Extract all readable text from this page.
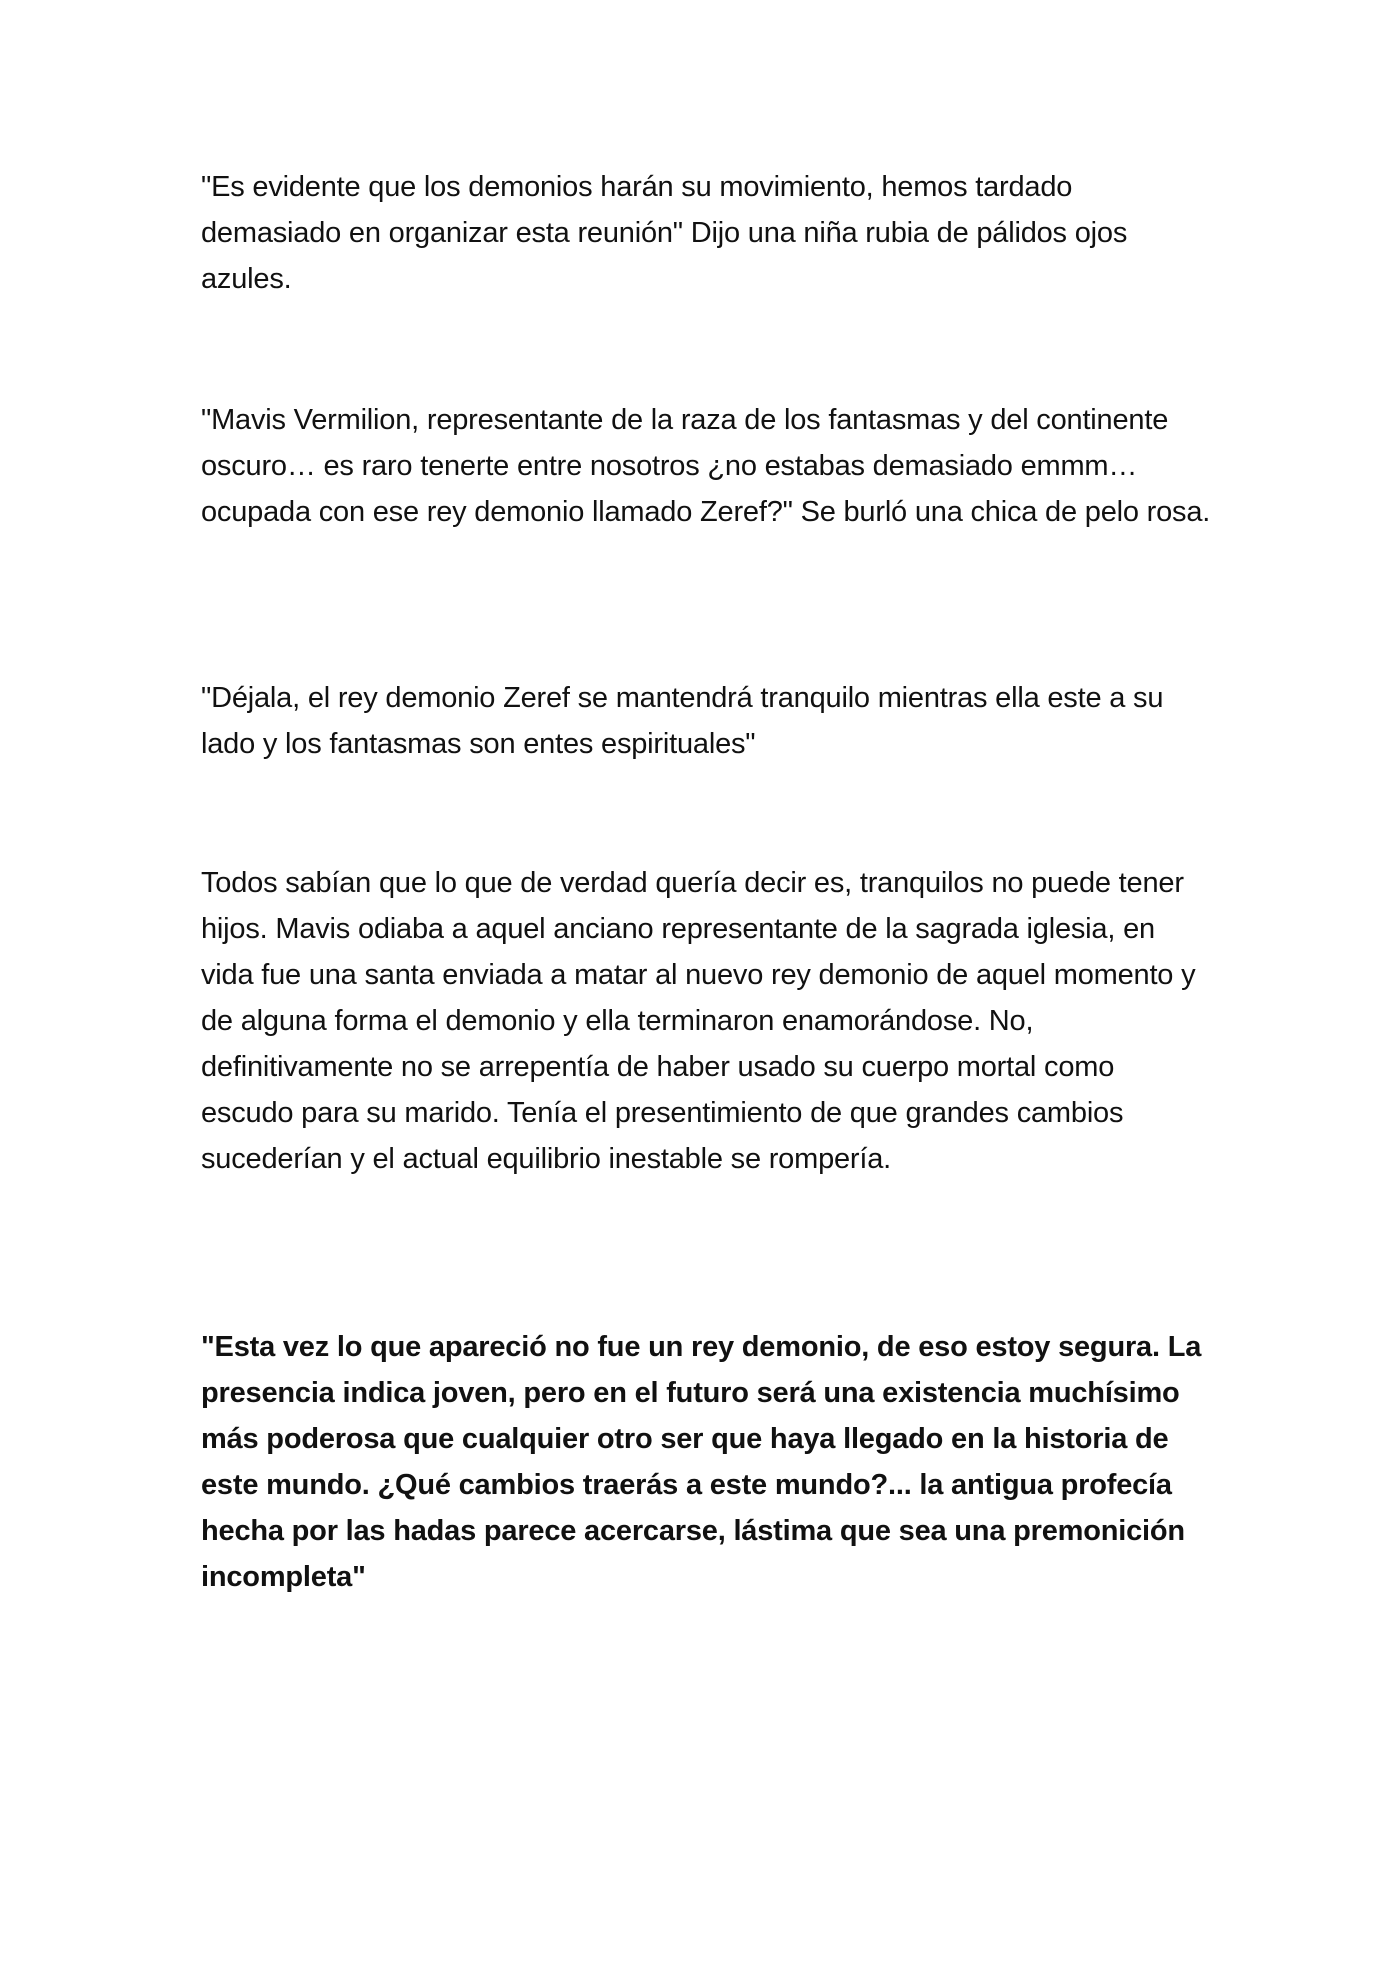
"Es evidente que los demonios harán su movimiento, hemos tardado demasiado en organizar esta reunión" Dijo una niña rubia de pálidos ojos azules.

"Mavis Vermilion, representante de la raza de los fantasmas y del continente oscuro… es raro tenerte entre nosotros ¿no estabas demasiado emmm… ocupada con ese rey demonio llamado Zeref?" Se burló una chica de pelo rosa.

"Déjala, el rey demonio Zeref se mantendrá tranquilo mientras ella este a su lado y los fantasmas son entes espirituales"

Todos sabían que lo que de verdad quería decir es, tranquilos no puede tener hijos. Mavis odiaba a aquel anciano representante de la sagrada iglesia, en vida fue una santa enviada a matar al nuevo rey demonio de aquel momento y de alguna forma el demonio y ella terminaron enamorándose. No, definitivamente no se arrepentía de haber usado su cuerpo mortal como escudo para su marido. Tenía el presentimiento de que grandes cambios sucederían y el actual equilibrio inestable se rompería.

"Esta vez lo que apareció no fue un rey demonio, de eso estoy segura. La presencia indica joven, pero en el futuro será una existencia muchísimo más poderosa que cualquier otro ser que haya llegado en la historia de este mundo. ¿Qué cambios traerás a este mundo?... la antigua profecía hecha por las hadas parece acercarse, lástima que sea una premonición incompleta"
